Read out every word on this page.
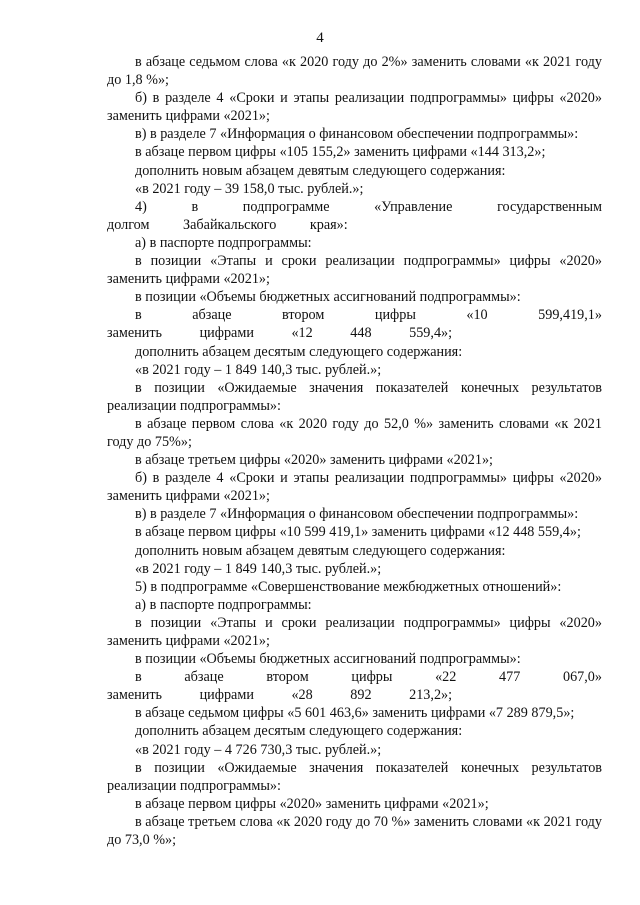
4

в абзаце седьмом слова «к 2020 году до 2%» заменить словами «к 2021 году до 1,8 %»;

б) в разделе 4 «Сроки и этапы реализации подпрограммы» цифры «2020» заменить цифрами «2021»;

в) в разделе 7 «Информация о финансовом обеспечении подпрограммы»:

в абзаце первом цифры «105 155,2» заменить цифрами «144 313,2»;

дополнить новым абзацем девятым следующего содержания:

«в 2021 году – 39 158,0 тыс. рублей.»;

4) в подпрограмме «Управление государственным долгом Забайкальского края»:

а) в паспорте подпрограммы:

в позиции «Этапы и сроки реализации подпрограммы» цифры «2020» заменить цифрами «2021»;

в позиции «Объемы бюджетных ассигнований подпрограммы»:

в абзаце втором цифры «10 599,419,1» заменить цифрами «12 448 559,4»;

дополнить абзацем десятым следующего содержания:

«в 2021 году – 1 849 140,3 тыс. рублей.»;

в позиции «Ожидаемые значения показателей конечных результатов реализации подпрограммы»:

в абзаце первом слова «к 2020 году до 52,0 %» заменить словами «к 2021 году до 75%»;

в абзаце третьем цифры «2020» заменить цифрами «2021»;

б) в разделе 4 «Сроки и этапы реализации подпрограммы» цифры «2020» заменить цифрами «2021»;

в) в разделе 7 «Информация о финансовом обеспечении подпрограммы»:

в абзаце первом цифры «10 599 419,1» заменить цифрами «12 448 559,4»;

дополнить новым абзацем девятым следующего содержания:

«в 2021 году – 1 849 140,3 тыс. рублей.»;

5) в подпрограмме «Совершенствование межбюджетных отношений»:

а) в паспорте подпрограммы:

в позиции «Этапы и сроки реализации подпрограммы» цифры «2020» заменить цифрами «2021»;

в позиции «Объемы бюджетных ассигнований подпрограммы»:

в абзаце втором цифры «22 477 067,0» заменить цифрами «28 892 213,2»;

в абзаце седьмом цифры «5 601 463,6» заменить цифрами «7 289 879,5»;

дополнить абзацем десятым следующего содержания:

«в 2021 году – 4 726 730,3 тыс. рублей.»;

в позиции «Ожидаемые значения показателей конечных результатов реализации подпрограммы»:

в абзаце первом цифры «2020» заменить цифрами «2021»;

в абзаце третьем слова «к 2020 году до 70 %» заменить словами «к 2021 году до 73,0 %»;
